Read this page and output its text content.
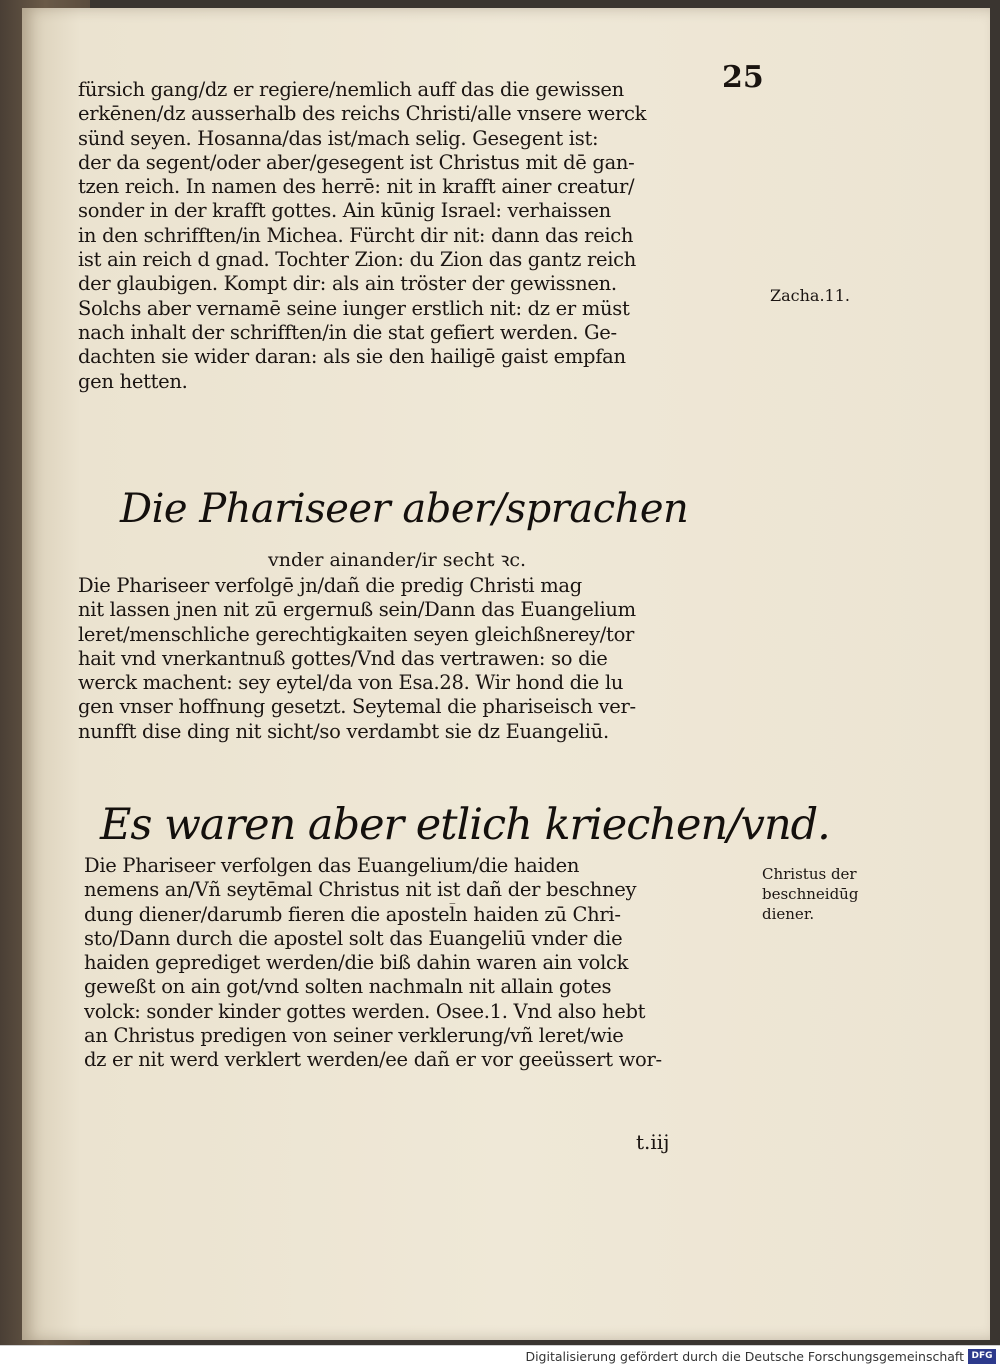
25
fürsich gang/dz er regiere/nemlich auff das die gewissen
erkēnen/dz ausserhalb des reichs Christi/alle vnsere werck
sünd seyen. Hosanna/das ist/mach selig. Gesegent ist:
der da segent/oder aber/gesegent ist Christus mit dē gan-
tzen reich. In namen des herrē: nit in krafft ainer creatur/
sonder in der krafft gottes. Ain kūnig Israel: verhaissen
in den schrifften/in Michea. Fürcht dir nit: dann das reich
ist ain reich d gnad. Tochter Zion: du Zion das gantz reich
der glaubigen. Kompt dir: als ain tröster der gewissnen.
Solchs aber vernamē seine iunger erstlich nit: dz er müst
nach inhalt der schrifften/in die stat gefiert werden. Ge-
dachten sie wider daran: als sie den hailigē gaist empfan
gen hetten.
Die Phariseer aber/sprachen
vnder ainander/ir secht ꝛc.
Die Phariseer verfolgē jn/dañ die predig Christi mag
nit lassen jnen nit zū ergernuß sein/Dann das Euangelium
leret/menschliche gerechtigkaiten seyen gleichßnerey/tor
hait vnd vnerkantnuß gottes/Vnd das vertrawen: so die
werck machent: sey eytel/da von Esa.28. Wir hond die lu
gen vnser hoffnung gesetzt. Seytemal die phariseisch ver-
nunfft dise ding nit sicht/so verdambt sie dz Euangeliū.
Es waren aber etlich kriechen/vnd.
Die Phariseer verfolgen das Euangelium/die haiden
nemens an/Vñ seytēmal Christus nit ist dañ der beschney
dung diener/darumb fieren die apostel̄n haiden zū Chri-
sto/Dann durch die apostel solt das Euangeliū vnder die
haiden geprediget werden/die biß dahin waren ain volck
geweßt on ain got/vnd solten nachmaln nit allain gotes
volck: sonder kinder gottes werden. Osee.1. Vnd also hebt
an Christus predigen von seiner verklerung/vñ leret/wie
dz er nit werd verklert werden/ee dañ er vor geeüssert wor-
Zacha.11.
Christus der
beschneidūg
diener.
t.iij
Digitalisierung gefördert durch die Deutsche Forschungsgemeinschaft DFG
